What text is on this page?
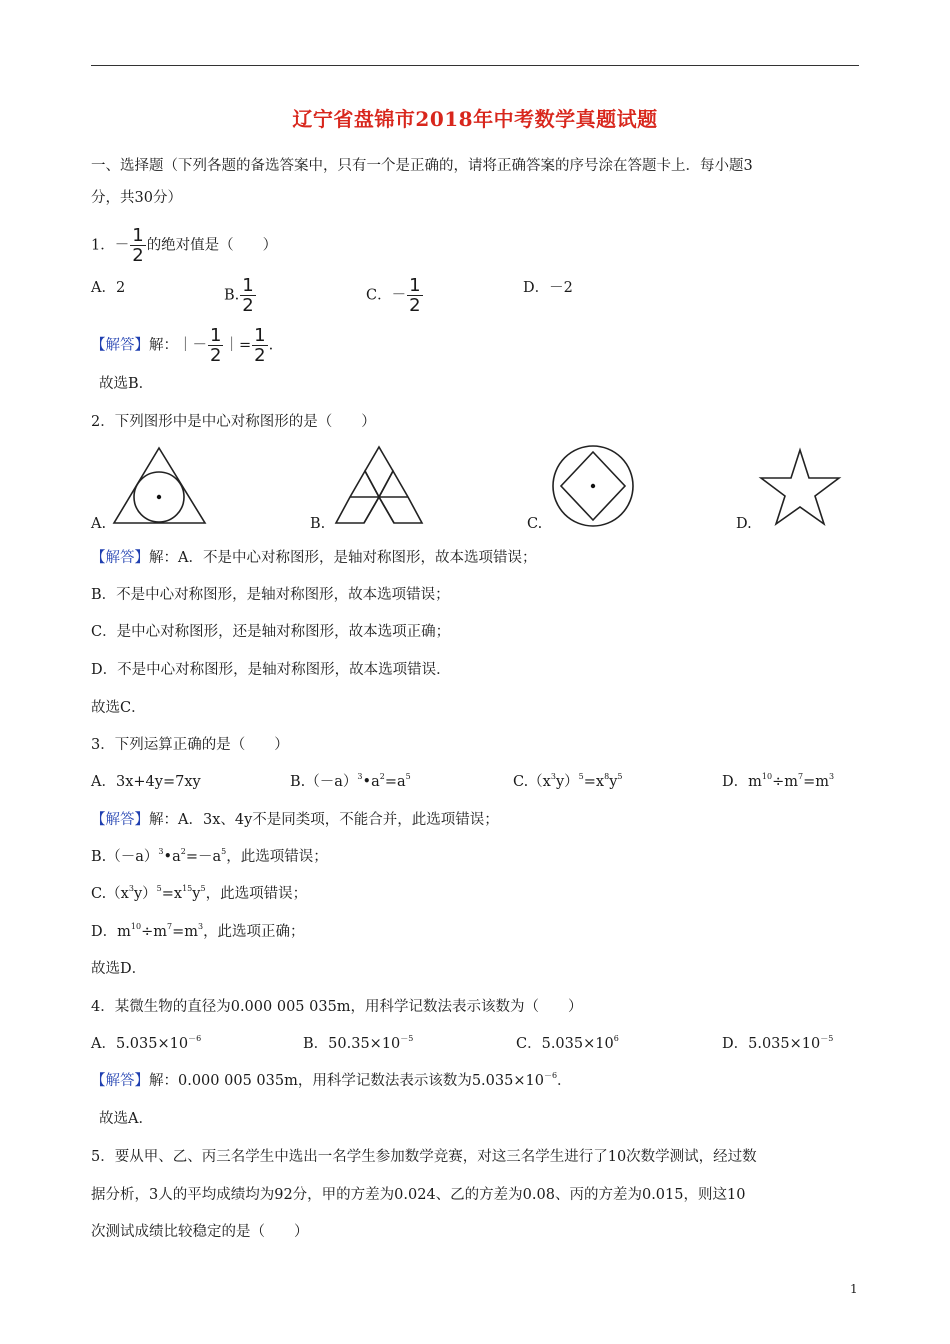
辽宁省盘锦市2018年中考数学真题试题
一、选择题（下列各题的备选答案中，只有一个是正确的，请将正确答案的序号涂在答题卡上．每小题3
分，共30分）
1．－ $\frac{1}{2}$ 的绝对值是（　　）
A．2	B. $\frac{1}{2}$	C．－ $\frac{1}{2}$	D．－2
【解答】解：｜－ $\frac{1}{2}$ ｜= $\frac{1}{2}$ .
故选B．
2．下列图形中是中心对称图形的是（　　）
A.	B.	C.	D.
【解答】解：A．不是中心对称图形，是轴对称图形，故本选项错误；
B．不是中心对称图形，是轴对称图形，故本选项错误；
C．是中心对称图形，还是轴对称图形，故本选项正确；
D．不是中心对称图形，是轴对称图形，故本选项错误．
故选C．
3．下列运算正确的是（　　）
A．3x+4y=7xy	$B.(-a)^3•a^2=a^5$	$C.(x^3y)^5=x^8y^5$	D．$m^{10}\div m^7=m^3$
【解答】解：A．3x、4y不是同类项，不能合并，此选项错误；
$B.(-a)^3•a^2=-a^5$，此选项错误；
$C.(x^3y)^5=x^{15}y^5$，此选项错误；
D．$m^{10}\div m^7=m^3$，此选项正确；
故选D．
4．某微生物的直径为0.000 005 035m，用科学记数法表示该数为（　　）
A．$5.035\times 10^{-6}$	B．$50.35\times 10^{-5}$	C．$5.035\times 10^6$	D．$5.035\times 10^{-5}$
【解答】解：0.000 005 035m，用科学记数法表示该数为$5.035\times 10^{-6}$．
故选A．
5．要从甲、乙、丙三名学生中选出一名学生参加数学竞赛，对这三名学生进行了10次数学测试，经过数
据分析，3人的平均成绩均为92分，甲的方差为0.024、乙的方差为0.08、丙的方差为0.015，则这10
次测试成绩比较稳定的是（　　）
1
